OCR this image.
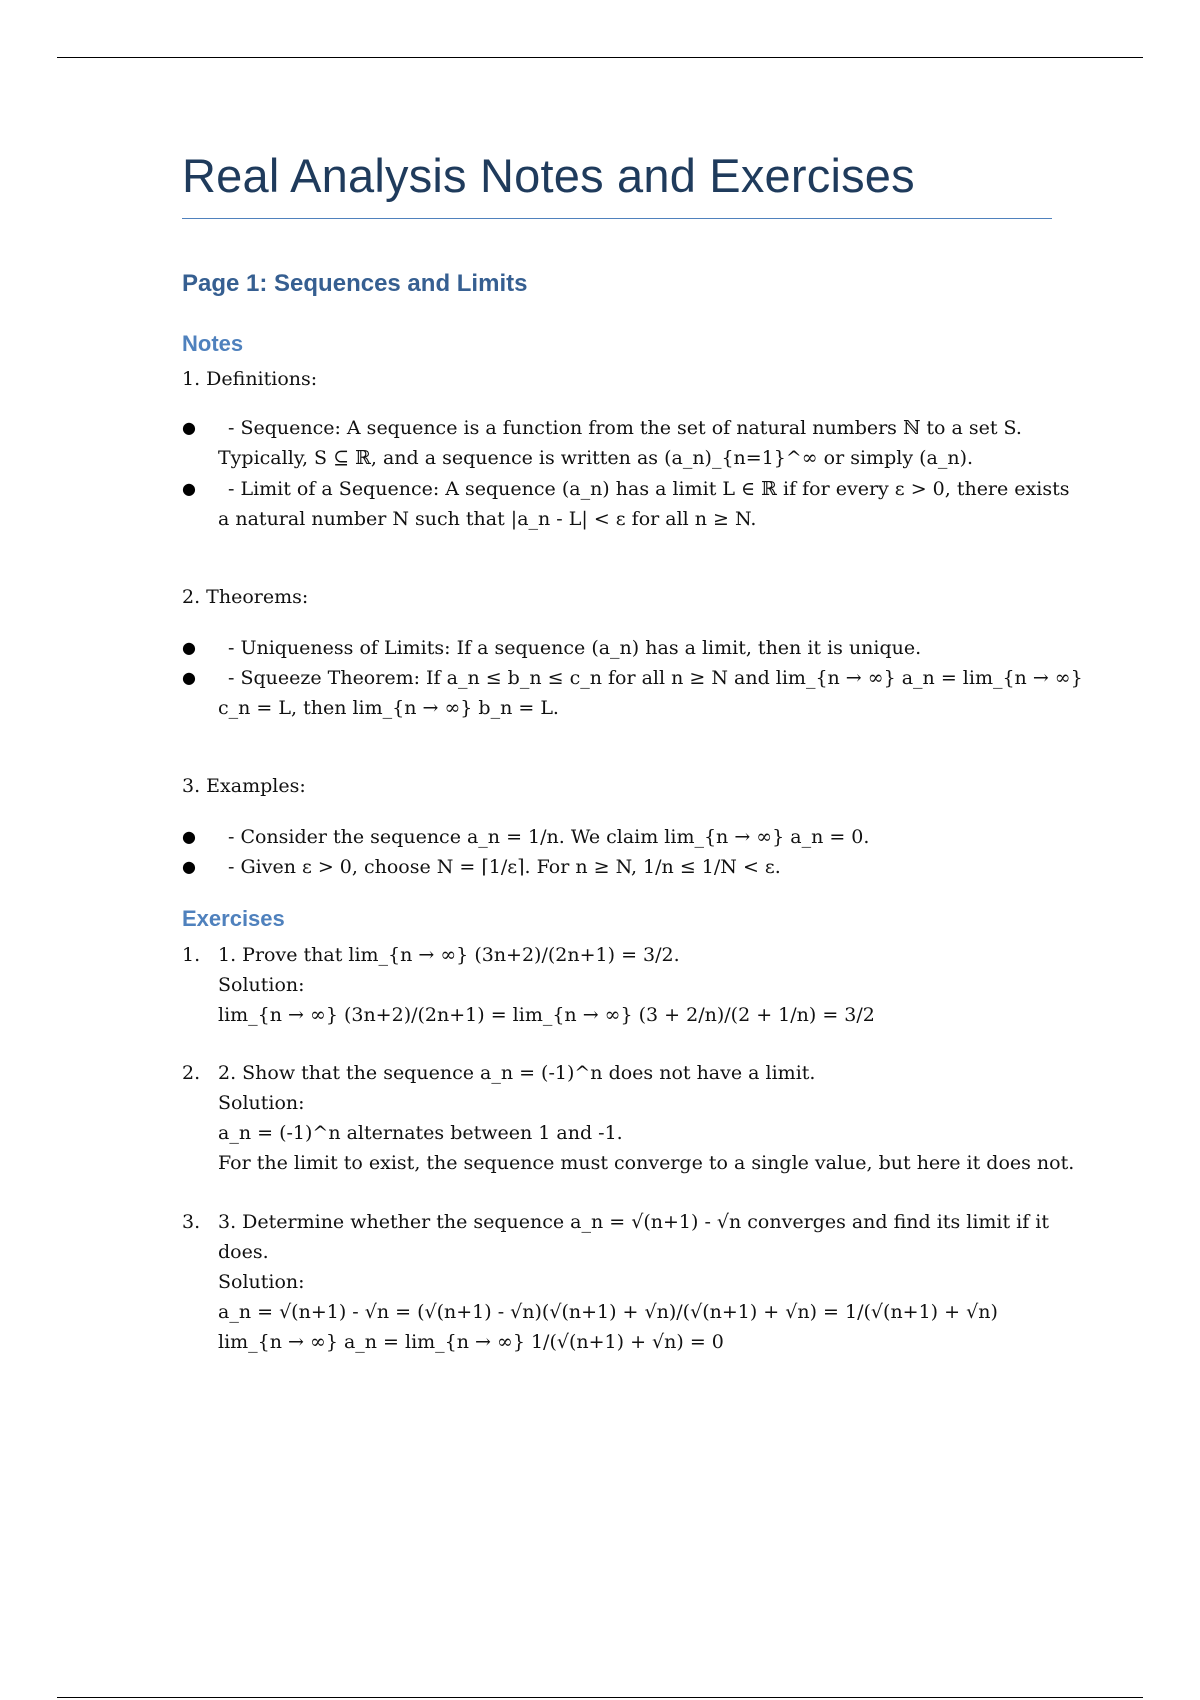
Real Analysis Notes and Exercises
Page 1: Sequences and Limits
Notes
1. Definitions:
● - Sequence: A sequence is a function from the set of natural numbers ℕ to a set S.
Typically, S ⊆ ℝ, and a sequence is written as (a_n)_{n=1}^∞ or simply (a_n).
● - Limit of a Sequence: A sequence (a_n) has a limit L ∈ ℝ if for every ε > 0, there exists
a natural number N such that |a_n - L| < ε for all n ≥ N.
2. Theorems:
● - Uniqueness of Limits: If a sequence (a_n) has a limit, then it is unique.
● - Squeeze Theorem: If a_n ≤ b_n ≤ c_n for all n ≥ N and lim_{n → ∞} a_n = lim_{n → ∞}
c_n = L, then lim_{n → ∞} b_n = L.
3. Examples:
● - Consider the sequence a_n = 1/n. We claim lim_{n → ∞} a_n = 0.
● - Given ε > 0, choose N = ⌈1/ε⌉. For n ≥ N, 1/n ≤ 1/N < ε.
Exercises
1. 1. Prove that lim_{n → ∞} (3n+2)/(2n+1) = 3/2.
Solution:
lim_{n → ∞} (3n+2)/(2n+1) = lim_{n → ∞} (3 + 2/n)/(2 + 1/n) = 3/2
2. 2. Show that the sequence a_n = (-1)^n does not have a limit.
Solution:
a_n = (-1)^n alternates between 1 and -1.
For the limit to exist, the sequence must converge to a single value, but here it does not.
3. 3. Determine whether the sequence a_n = √(n+1) - √n converges and find its limit if it
does.
Solution:
a_n = √(n+1) - √n = (√(n+1) - √n)(√(n+1) + √n)/(√(n+1) + √n) = 1/(√(n+1) + √n)
lim_{n → ∞} a_n = lim_{n → ∞} 1/(√(n+1) + √n) = 0
